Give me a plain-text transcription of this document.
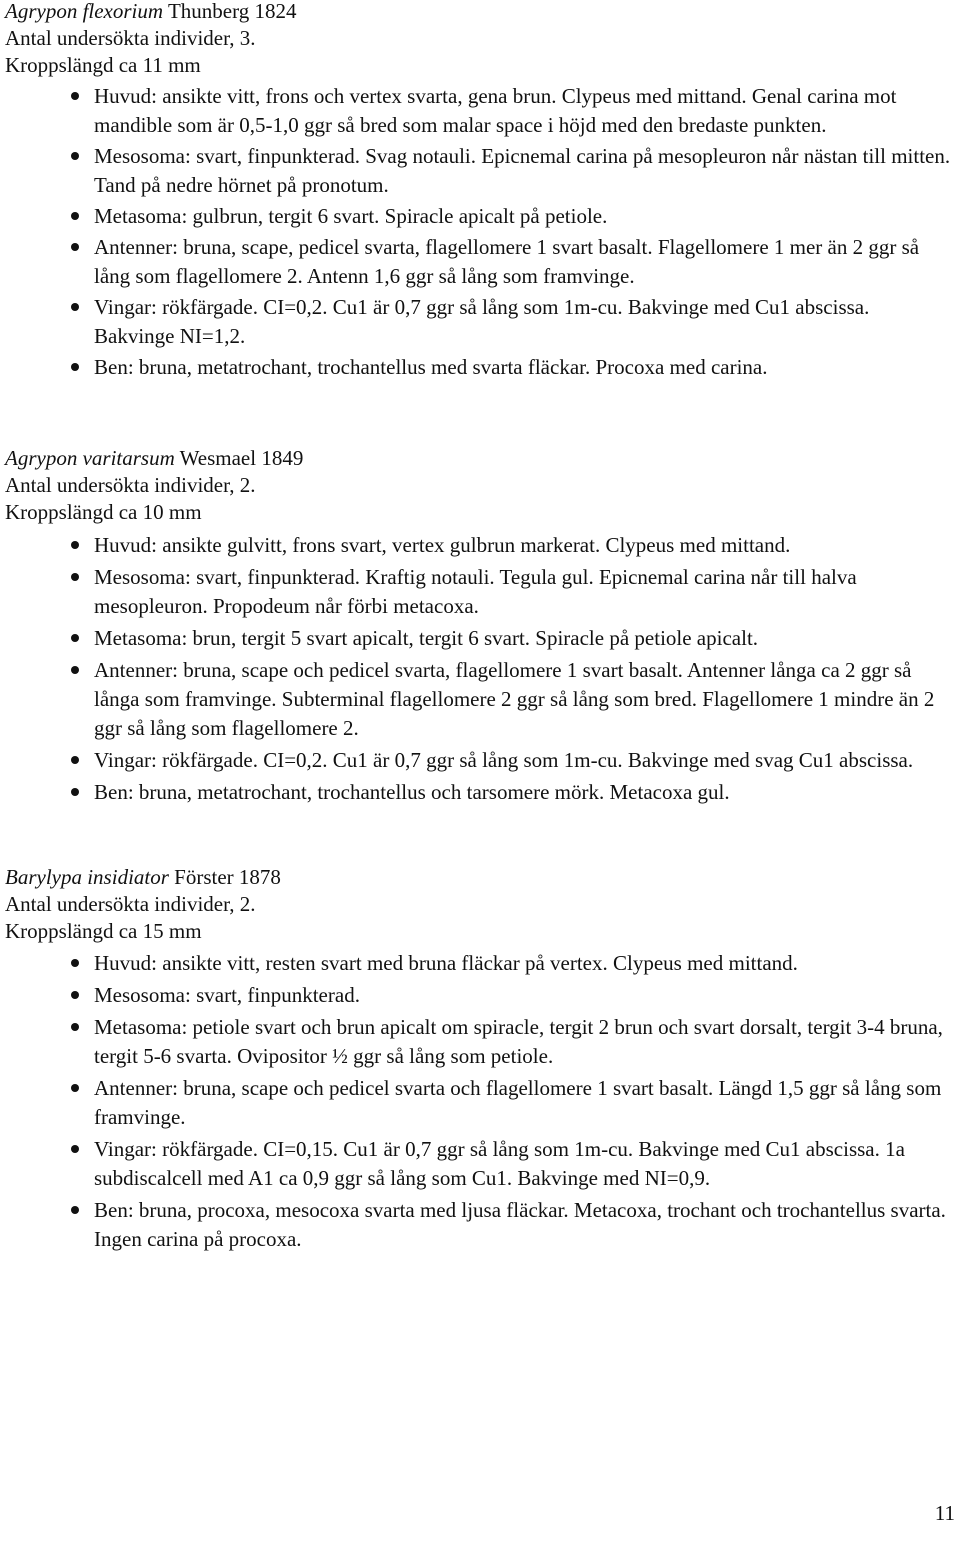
Agrypon flexorium Thunberg 1824
Antal undersökta individer, 3.
Kroppslängd ca 11 mm
Huvud: ansikte vitt, frons och vertex svarta, gena brun. Clypeus med mittand. Genal carina mot mandible som är 0,5-1,0 ggr så bred som malar space i höjd med den bredaste punkten.
Mesosoma: svart, finpunkterad. Svag notauli. Epicnemal carina på mesopleuron når nästan till mitten. Tand på nedre hörnet på pronotum.
Metasoma: gulbrun, tergit 6 svart. Spiracle apicalt på petiole.
Antenner: bruna, scape, pedicel svarta, flagellomere 1 svart basalt. Flagellomere 1 mer än 2 ggr så lång som flagellomere 2. Antenn 1,6 ggr så lång som framvinge.
Vingar: rökfärgade. CI=0,2. Cu1 är 0,7 ggr så lång som 1m-cu. Bakvinge med Cu1 abscissa. Bakvinge NI=1,2.
Ben: bruna, metatrochant, trochantellus med svarta fläckar. Procoxa med carina.
Agrypon varitarsum Wesmael 1849
Antal undersökta individer, 2.
Kroppslängd ca 10 mm
Huvud: ansikte gulvitt, frons svart, vertex gulbrun markerat. Clypeus med mittand.
Mesosoma: svart, finpunkterad. Kraftig notauli. Tegula gul. Epicnemal carina når till halva mesopleuron. Propodeum når förbi metacoxa.
Metasoma: brun, tergit 5 svart apicalt, tergit 6 svart. Spiracle på petiole apicalt.
Antenner: bruna, scape och pedicel svarta, flagellomere 1 svart basalt. Antenner långa ca 2 ggr så långa som framvinge. Subterminal flagellomere 2 ggr så lång som bred. Flagellomere 1 mindre än 2 ggr så lång som flagellomere 2.
Vingar: rökfärgade. CI=0,2. Cu1 är 0,7 ggr så lång som 1m-cu. Bakvinge med svag Cu1 abscissa.
Ben: bruna, metatrochant, trochantellus och tarsomere mörk. Metacoxa gul.
Barylypa insidiator Förster 1878
Antal undersökta individer, 2.
Kroppslängd ca 15 mm
Huvud: ansikte vitt, resten svart med bruna fläckar på vertex. Clypeus med mittand.
Mesosoma: svart, finpunkterad.
Metasoma: petiole svart och brun apicalt om spiracle, tergit 2 brun och svart dorsalt, tergit 3-4 bruna, tergit 5-6 svarta. Ovipositor ½ ggr så lång som petiole.
Antenner: bruna, scape och pedicel svarta och flagellomere 1 svart basalt. Längd 1,5 ggr så lång som framvinge.
Vingar: rökfärgade. CI=0,15. Cu1 är 0,7 ggr så lång som 1m-cu. Bakvinge med Cu1 abscissa. 1a subdiscalcell med A1 ca 0,9 ggr så lång som Cu1. Bakvinge med NI=0,9.
Ben: bruna, procoxa, mesocoxa svarta med ljusa fläckar. Metacoxa, trochant och trochantellus svarta. Ingen carina på procoxa.
11
